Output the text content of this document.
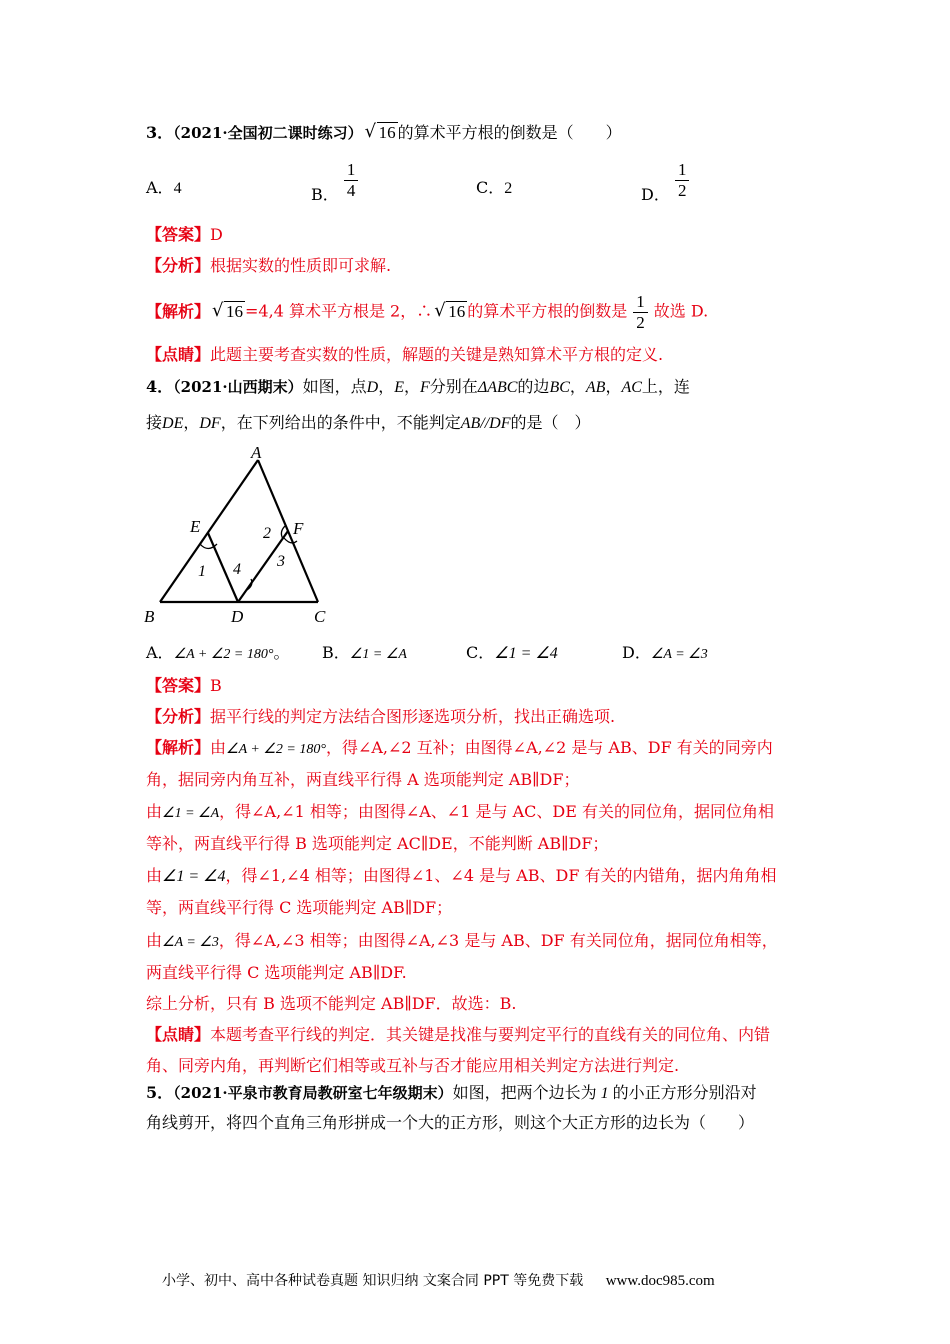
3．（2021·全国初二课时练习） √ 16 的算术平方根的倒数是（　　）
A．4	B． $\frac{1}{4}$	C．2	D． $\frac{1}{2}$
【答案】D
【分析】根据实数的性质即可求解.
【解析】 √ 16 =4,4 算术平方根是 2，∴ √ 16 的算术平方根的倒数是 $\frac{1}{2}$ 故选 D.
【点睛】此题主要考查实数的性质，解题的关键是熟知算术平方根的定义.
4．（2021·山西期末）如图，点D，E，F分别在ΔABC的边BC，AB，AC上，连
接DE，DF，在下列给出的条件中，不能判定AB//DF的是（　）
A
B	C
D
E	F
1
2
3
4
A．∠A + ∠2 = 180°。 B．∠1 = ∠A	C．∠1 = ∠4	D．∠A = ∠3
【答案】B
【分析】据平行线的判定方法结合图形逐选项分析，找出正确选项.
【解析】由∠A + ∠2 = 180°，得∠A,∠2 互补；由图得∠A,∠2 是与 AB、DF 有关的同旁内
角，据同旁内角互补，两直线平行得 A 选项能判定 AB∥DF；
由∠1 = ∠A，得∠A,∠1 相等；由图得∠A、∠1 是与 AC、DE 有关的同位角，据同位角相
等补，两直线平行得 B 选项能判定 AC∥DE，不能判断 AB∥DF；
由∠1 = ∠4，得∠1,∠4 相等；由图得∠1、∠4 是与 AB、DF 有关的内错角，据内角角相
等，两直线平行得 C 选项能判定 AB∥DF；
由∠A = ∠3，得∠A,∠3 相等；由图得∠A,∠3 是与 AB、DF 有关同位角，据同位角相等，
两直线平行得 C 选项能判定 AB∥DF.
综上分析，只有 B 选项不能判定 AB∥DF．故选：B.
【点睛】本题考查平行线的判定．其关键是找准与要判定平行的直线有关的同位角、内错
角、同旁内角，再判断它们相等或互补与否才能应用相关判定方法进行判定.
5．（2021·平泉市教育局教研室七年级期末）如图，把两个边长为 1 的小正方形分别沿对
角线剪开，将四个直角三角形拼成一个大的正方形，则这个大正方形的边长为（　　）
小学、初中、高中各种试卷真题 知识归纳 文案合同 PPT 等免费下载 www.doc985.com
